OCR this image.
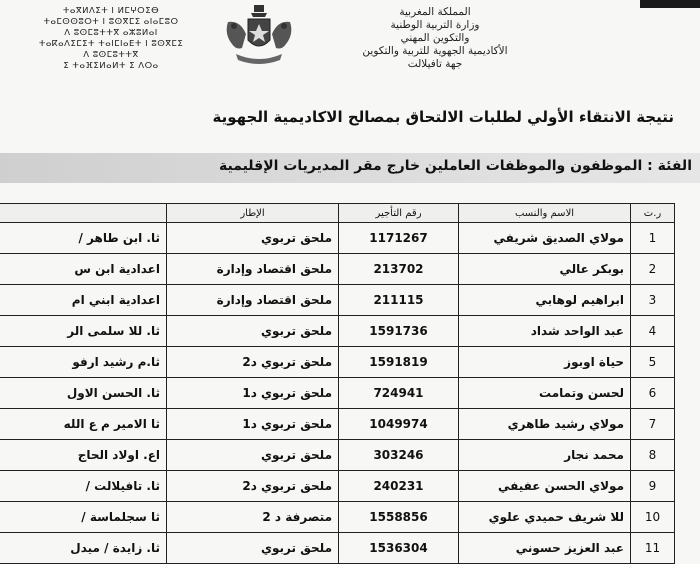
ⵜⴰⴳⵍⴷⵉⵜ ⵏ ⵍⵎⵖⵔⵉⴱ
ⵜⴰⵎⵙⵙⵓⵔⵜ ⵏ ⵓⵙⴳⵎⵉ ⴰⵏⴰⵎⵓⵔ
ⴷ ⵓⵙⵎⵓⵜⵜⴳ ⴰⵣⵓⵍⴰⵏ
ⵜⴰⴽⴰⴷⵉⵎⵉⵜ ⵜⴰⵏⵎⵏⴰⴹⵜ ⵏ ⵓⵙⴳⵎⵉ
ⴷ ⵓⵙⵎⵓⵜⵜⴳ
ⵉ ⵜⴰⴼⵉⵍⴰⵍⵜ ⵉ ⴷⵔⴰ
المملكة المغربية
وزارة التربية الوطنية
والتكوين المهني
الأكاديمية الجهوية للتربية والتكوين
جهة تافيلالت
نتيجة الانتقاء الأولي لطلبات الالتحاق بمصالح الاكاديمية الجهوية
الفئة : الموظفون والموظفات العاملين خارج مقر المديريات الإقليمية
ر.ت	الاسم والنسب	رقم التأجير	الإطار	
1	مولاي الصديق شريفي	1171267	ملحق تربوي	ثا. ابن طاهر /
2	بوبكر عالي	213702	ملحق اقتصاد وإدارة	اعدادية ابن س
3	ابراهيم لوهابي	211115	ملحق اقتصاد وإدارة	اعدادية ابني ام
4	عبد الواحد شداد	1591736	ملحق تربوي	ثا. للا سلمى الر
5	حياة اوبوز	1591819	ملحق تربوي د2	ثا.م رشيد ارفو
6	لحسن وتمامت	724941	ملحق تربوي د1	ثا. الحسن الاول
7	مولاي رشيد طاهري	1049974	ملحق تربوي د1	ثا الامير م ع الله
8	محمد نجار	303246	ملحق تربوي	اع. اولاد الحاج
9	مولاي الحسن عفيفي	240231	ملحق تربوي د2	ثا. تافيلالت /
10	للا شريف حميدي علوي	1558856	متصرفة د 2	ثا سجلماسة /
11	عبد العزيز حسوني	1536304	ملحق تربوي	ثا. زايدة / ميدل
